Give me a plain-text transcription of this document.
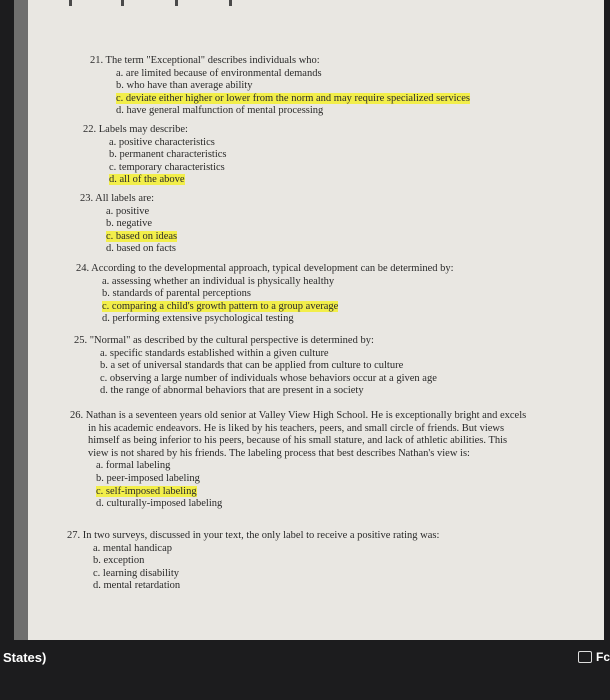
21. The term "Exceptional" describes individuals who:
a. are limited because of environmental demands
b. who have than average ability
c. deviate either higher or lower from the norm and may require specialized services
d. have general malfunction of mental processing
22. Labels may describe:
a. positive characteristics
b. permanent characteristics
c. temporary characteristics
d. all of the above
23. All labels are:
a. positive
b. negative
c. based on ideas
d. based on facts
24. According to the developmental approach, typical development can be determined by:
a. assessing whether an individual is physically healthy
b. standards of parental perceptions
c. comparing a child's growth pattern to a group average
d. performing extensive psychological testing
25. "Normal" as described by the cultural perspective is determined by:
a. specific standards established within a given culture
b. a set of universal standards that can be applied from culture to culture
c. observing a large number of individuals whose behaviors occur at a given age
d. the range of abnormal behaviors that are present in a society
26. Nathan is a seventeen years old senior at Valley View High School. He is exceptionally bright and excels
in his academic endeavors. He is liked by his teachers, peers, and small circle of friends. But views
himself as being inferior to his peers, because of his small stature, and lack of athletic abilities. This
view is not shared by his friends. The labeling process that best describes Nathan's view is:
a. formal labeling
b. peer-imposed labeling
c. self-imposed labeling
d. culturally-imposed labeling
27. In two surveys, discussed in your text, the only label to receive a positive rating was:
a. mental handicap
b. exception
c. learning disability
d. mental retardation
States)	Fc
